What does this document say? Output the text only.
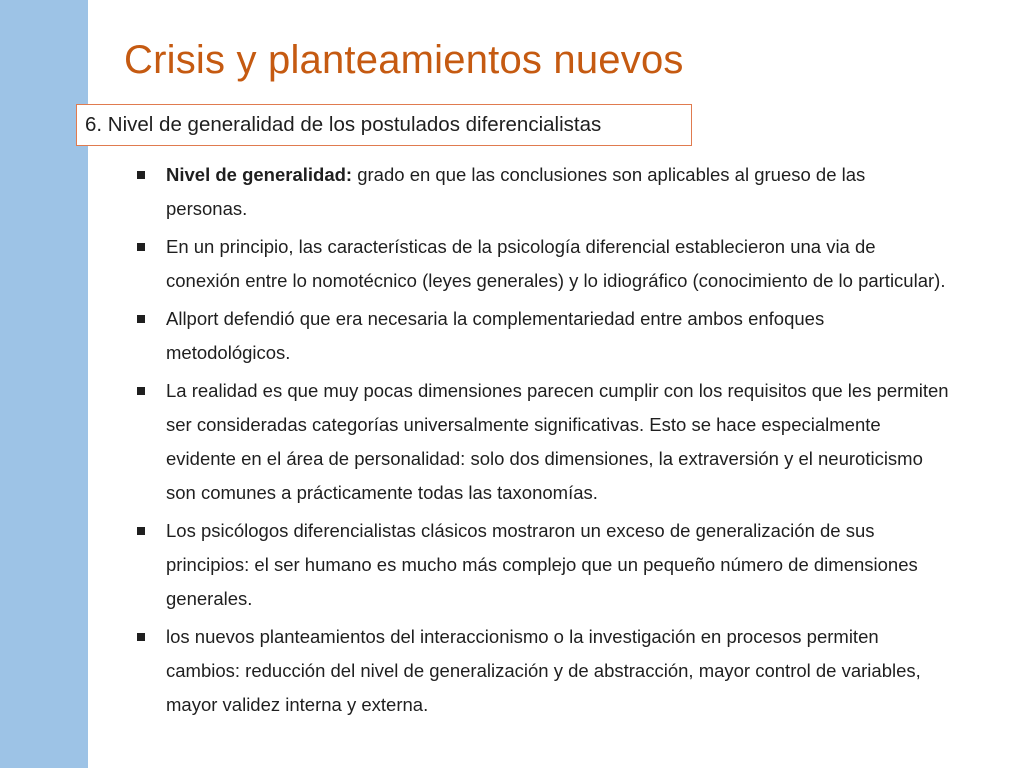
Crisis y planteamientos nuevos
6. Nivel de generalidad de los postulados diferencialistas
Nivel de generalidad: grado en que las conclusiones son aplicables al grueso de las personas.
En un principio, las características de la psicología diferencial establecieron una via de conexión entre lo nomotécnico (leyes generales) y lo idiográfico (conocimiento de lo particular).
Allport defendió que era necesaria la complementariedad entre ambos enfoques metodológicos.
La realidad es que muy pocas dimensiones parecen cumplir con los requisitos que les permiten ser consideradas categorías universalmente significativas. Esto se hace especialmente evidente en el área de personalidad: solo dos dimensiones, la extraversión y el neuroticismo son comunes a prácticamente todas las taxonomías.
Los psicólogos diferencialistas clásicos mostraron un exceso de generalización de sus principios: el ser humano es mucho más complejo que un pequeño número de dimensiones generales.
los nuevos planteamientos del interaccionismo o la investigación en procesos permiten cambios: reducción del nivel de generalización y de abstracción, mayor control de variables, mayor validez interna y externa.
